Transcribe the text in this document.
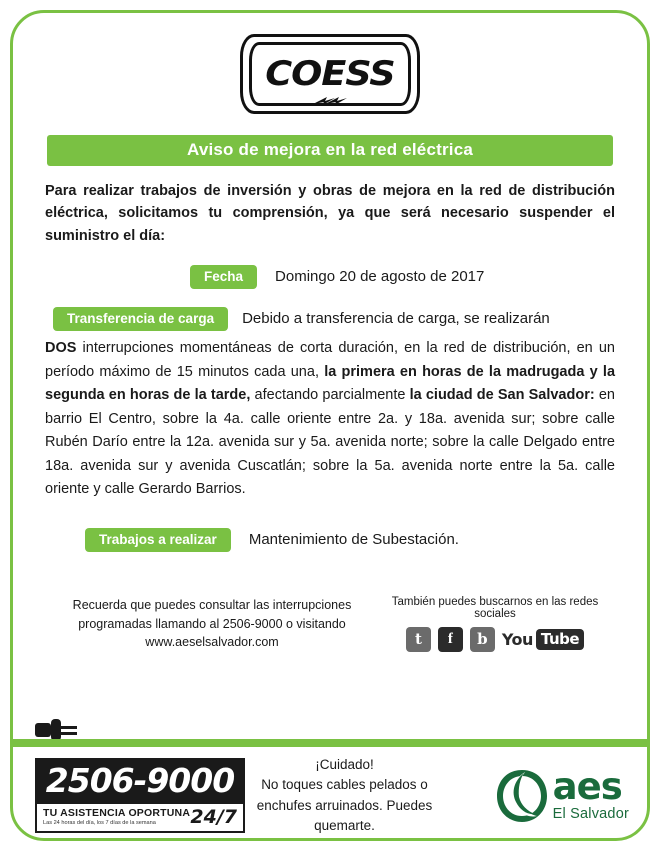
COESS
Aviso de mejora en la red eléctrica
Para realizar trabajos de inversión y obras de mejora en la red de distribución eléctrica, solicitamos tu comprensión, ya que será necesario suspender el suministro el día:
Fecha	Domingo 20 de agosto de 2017
Transferencia de carga	Debido a transferencia de carga, se realizarán
DOS interrupciones momentáneas de corta duración, en la red de distribución, en un período máximo de 15 minutos cada una, la primera en horas de la madrugada y la segunda en horas de la tarde, afectando parcialmente la ciudad de San Salvador: en barrio El Centro, sobre la 4a. calle oriente entre 2a. y 18a. avenida sur; sobre calle Rubén Darío entre la 12a. avenida sur y 5a. avenida norte; sobre la calle Delgado entre 18a. avenida sur y avenida Cuscatlán; sobre la 5a. avenida norte entre la 5a. calle oriente y calle Gerardo Barrios.
Trabajos a realizar	Mantenimiento de Subestación.
Recuerda que puedes consultar las interrupciones
programadas llamando al 2506-9000 o visitando
www.aeselsalvador.com
También puedes buscarnos en las redes sociales
t	f	b You Tube
2506-9000
TU ASISTENCIA OPORTUNA
Las 24 horas del día, los 7 días de la semana	24/7
¡Cuidado!
No toques cables pelados o
enchufes arruinados. Puedes
quemarte.
aes
El Salvador
